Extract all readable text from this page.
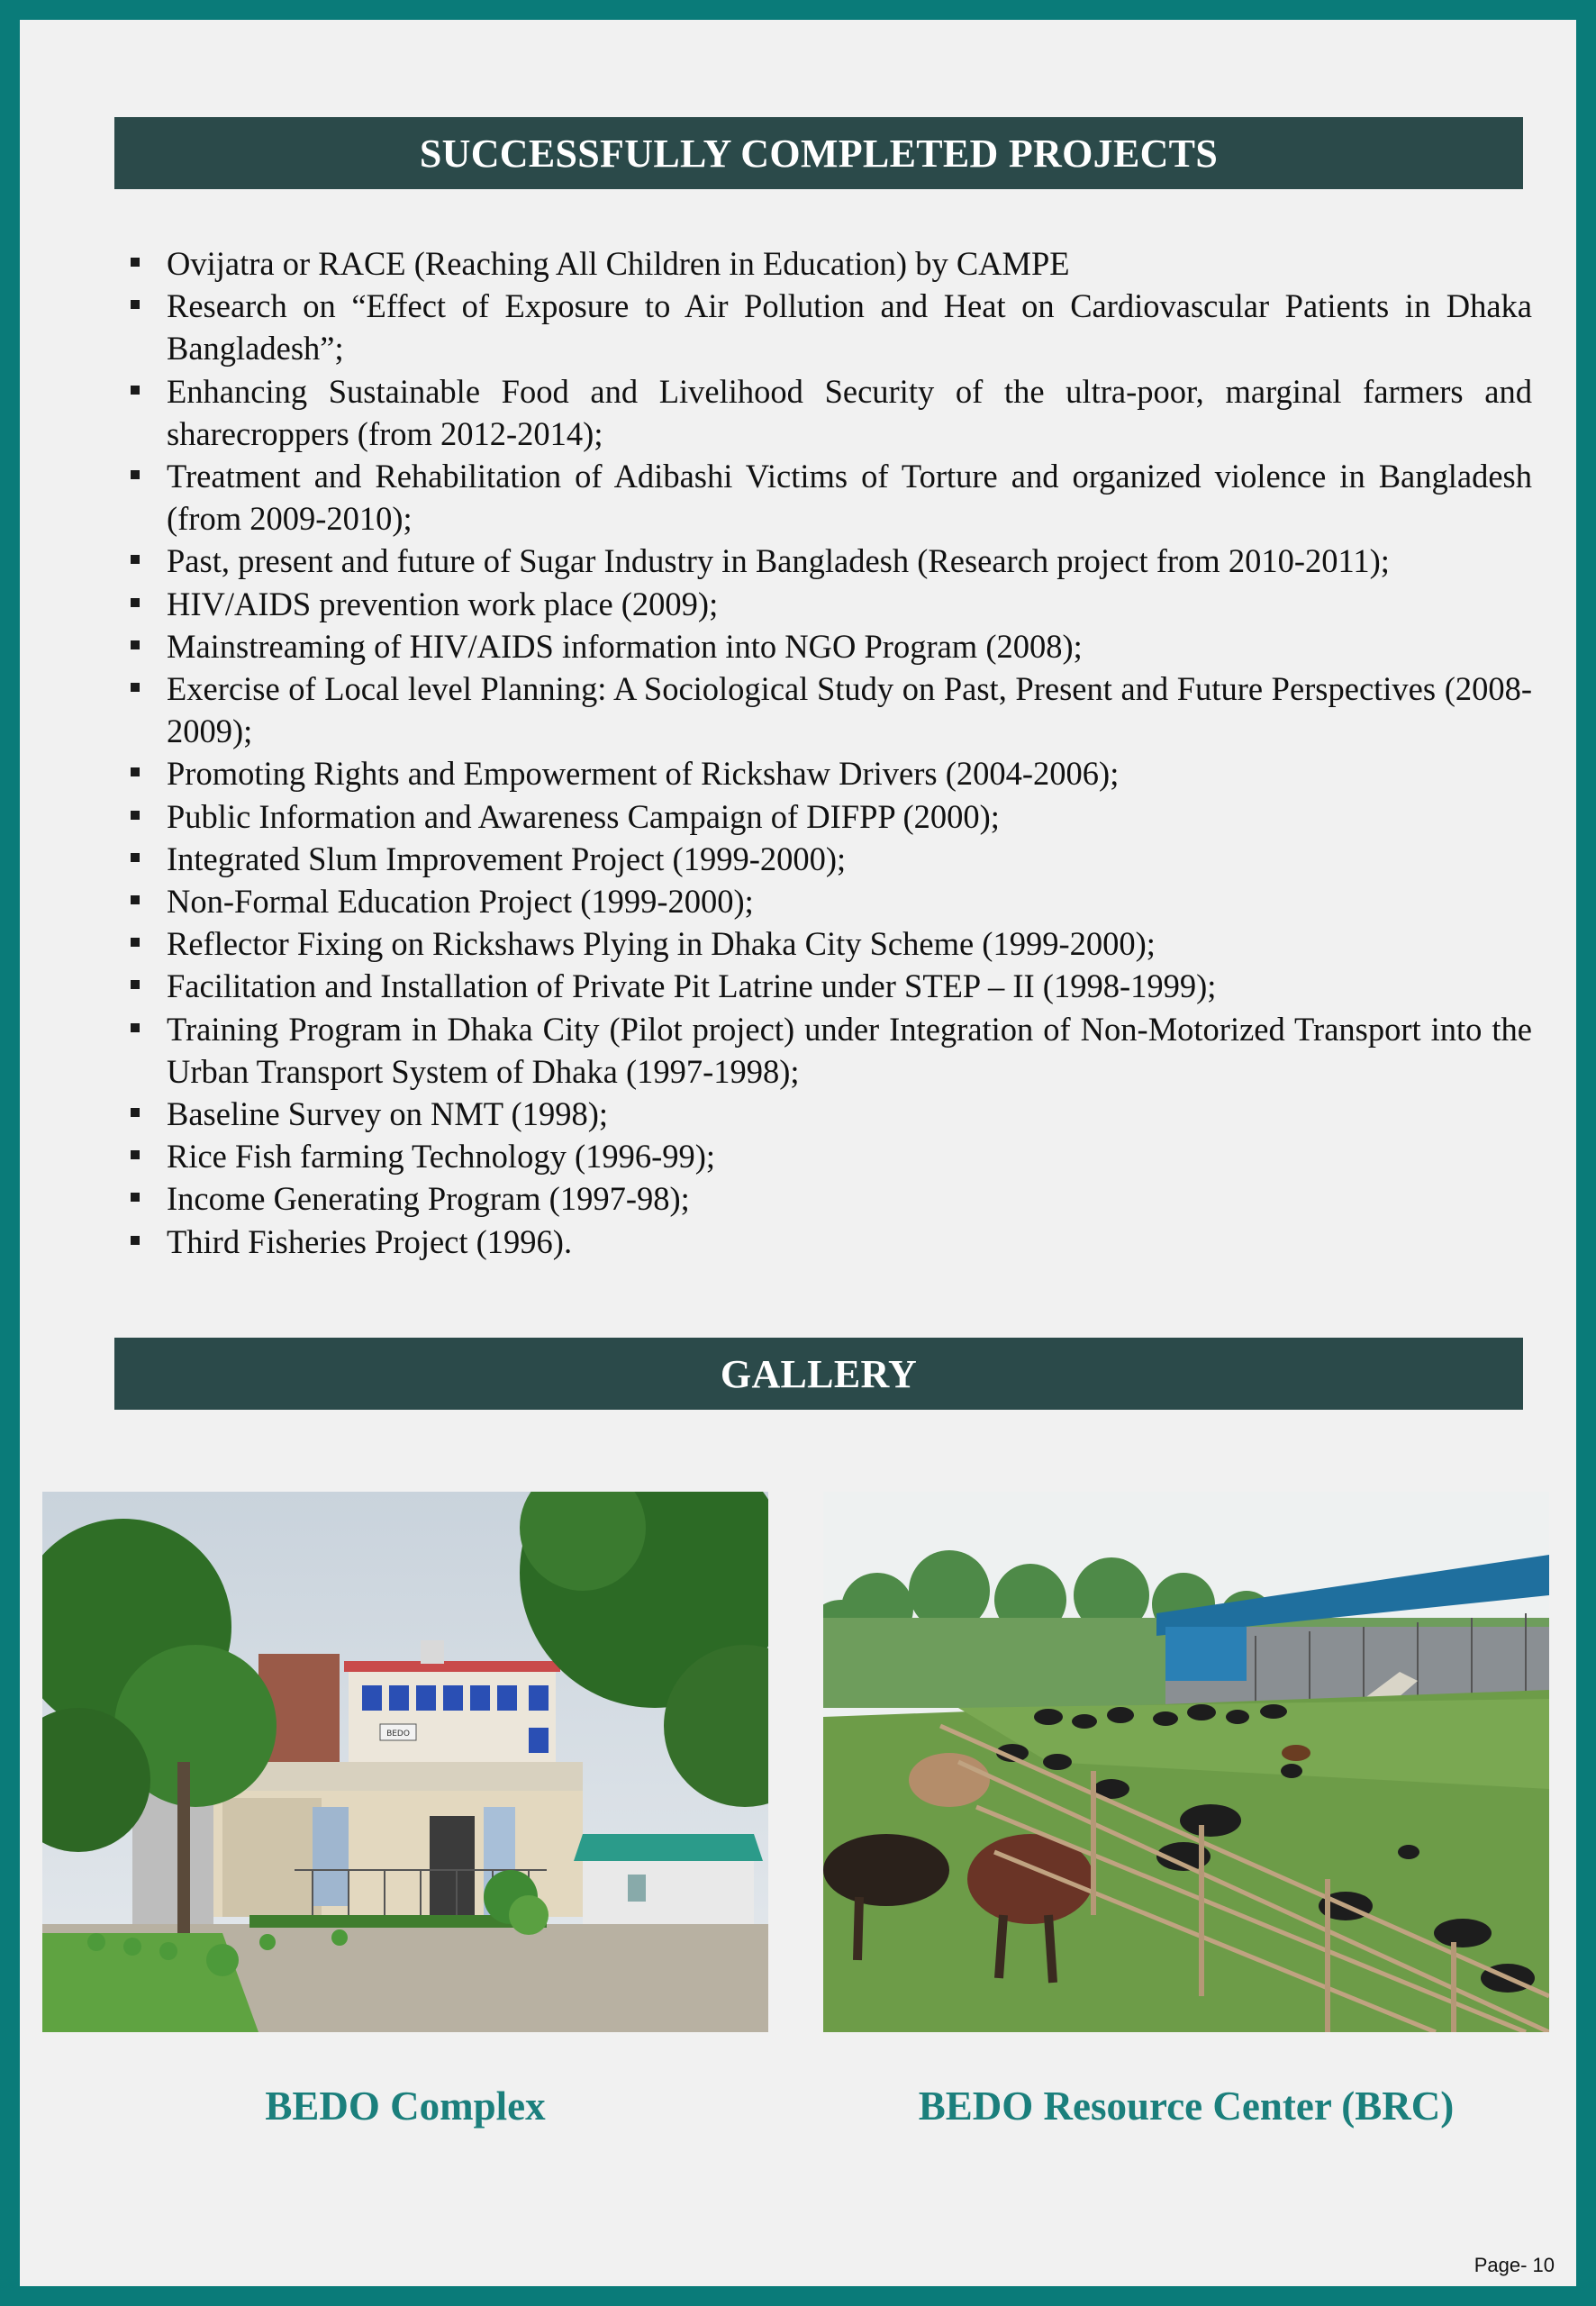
SUCCESSFULLY COMPLETED PROJECTS
Ovijatra or RACE (Reaching All Children in Education) by CAMPE
Research on “Effect of Exposure to Air Pollution and Heat on Cardiovascular Patients in Dhaka Bangladesh”;
Enhancing Sustainable Food and Livelihood Security of the ultra-poor, marginal farmers and sharecroppers (from 2012-2014);
Treatment and Rehabilitation of Adibashi Victims of Torture and organized violence in Bangladesh (from 2009-2010);
Past, present and future of Sugar Industry in Bangladesh (Research project from 2010-2011);
HIV/AIDS prevention work place (2009);
Mainstreaming of HIV/AIDS information into NGO Program (2008);
Exercise of Local level Planning: A Sociological Study on Past, Present and Future Perspectives (2008-2009);
Promoting Rights and Empowerment of Rickshaw Drivers (2004-2006);
Public Information and Awareness Campaign of DIFPP (2000);
Integrated Slum Improvement Project (1999-2000);
Non-Formal Education Project (1999-2000);
Reflector Fixing on Rickshaws Plying in Dhaka City Scheme (1999-2000);
Facilitation and Installation of Private Pit Latrine under STEP – II (1998-1999);
Training Program in Dhaka City (Pilot project) under Integration of Non-Motorized Transport into the Urban Transport System of Dhaka (1997-1998);
Baseline Survey on NMT (1998);
Rice Fish farming Technology (1996-99);
Income Generating Program (1997-98);
Third Fisheries Project (1996).
GALLERY
BEDO
BEDO Complex	BEDO Resource Center (BRC)
Page- 10
